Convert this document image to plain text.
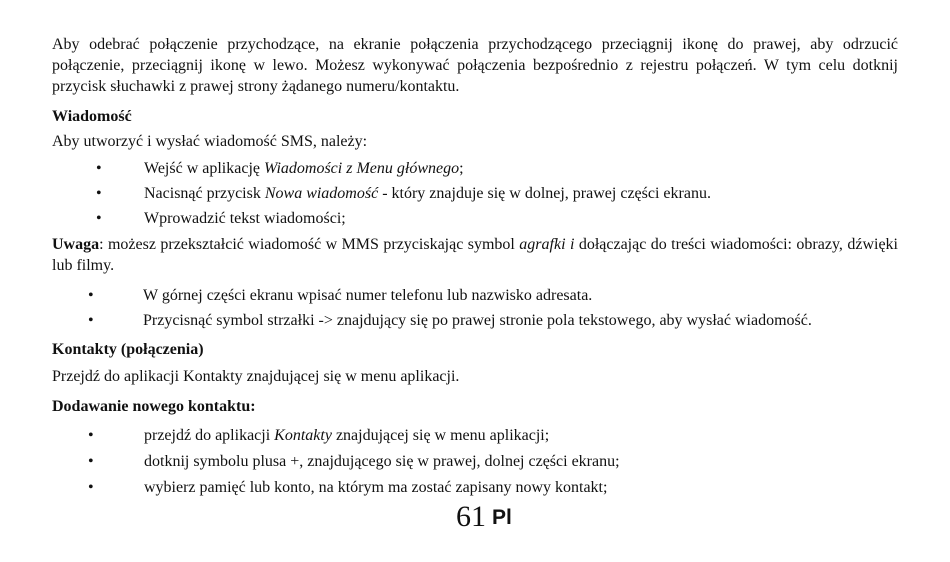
Aby odebrać połączenie przychodzące, na ekranie połączenia przychodzącego przeciągnij ikonę do prawej, aby odrzucić połączenie, przeciągnij ikonę w lewo. Możesz wykonywać połączenia bezpośrednio z rejestru połączeń. W tym celu dotknij przycisk słuchawki z prawej strony żądanego numeru/kontaktu.

Wiadomość

Aby utworzyć i wysłać wiadomość SMS, należy:

•	Wejść w aplikację Wiadomości z Menu głównego;
•	Nacisnąć przycisk Nowa wiadomość - który znajduje się w dolnej, prawej części ekranu.
•	Wprowadzić tekst wiadomości;

Uwaga: możesz przekształcić wiadomość w MMS przyciskając symbol agrafki i dołączając do treści wiadomości: obrazy, dźwięki lub filmy.

•	W górnej części ekranu wpisać numer telefonu lub nazwisko adresata.
•	Przycisnąć symbol strzałki -> znajdujący się po prawej stronie pola tekstowego, aby wysłać wiadomość.
Kontakty (połączenia)

Przejdź do aplikacji Kontakty znajdującej się w menu aplikacji.

Dodawanie nowego kontaktu:
•	przejdź do aplikacji Kontakty znajdującej się w menu aplikacji;
•	dotknij symbolu plusa +, znajdującego się w prawej, dolnej części ekranu;
•	wybierz pamięć lub konto, na którym ma zostać zapisany nowy kontakt;
61 Pl
